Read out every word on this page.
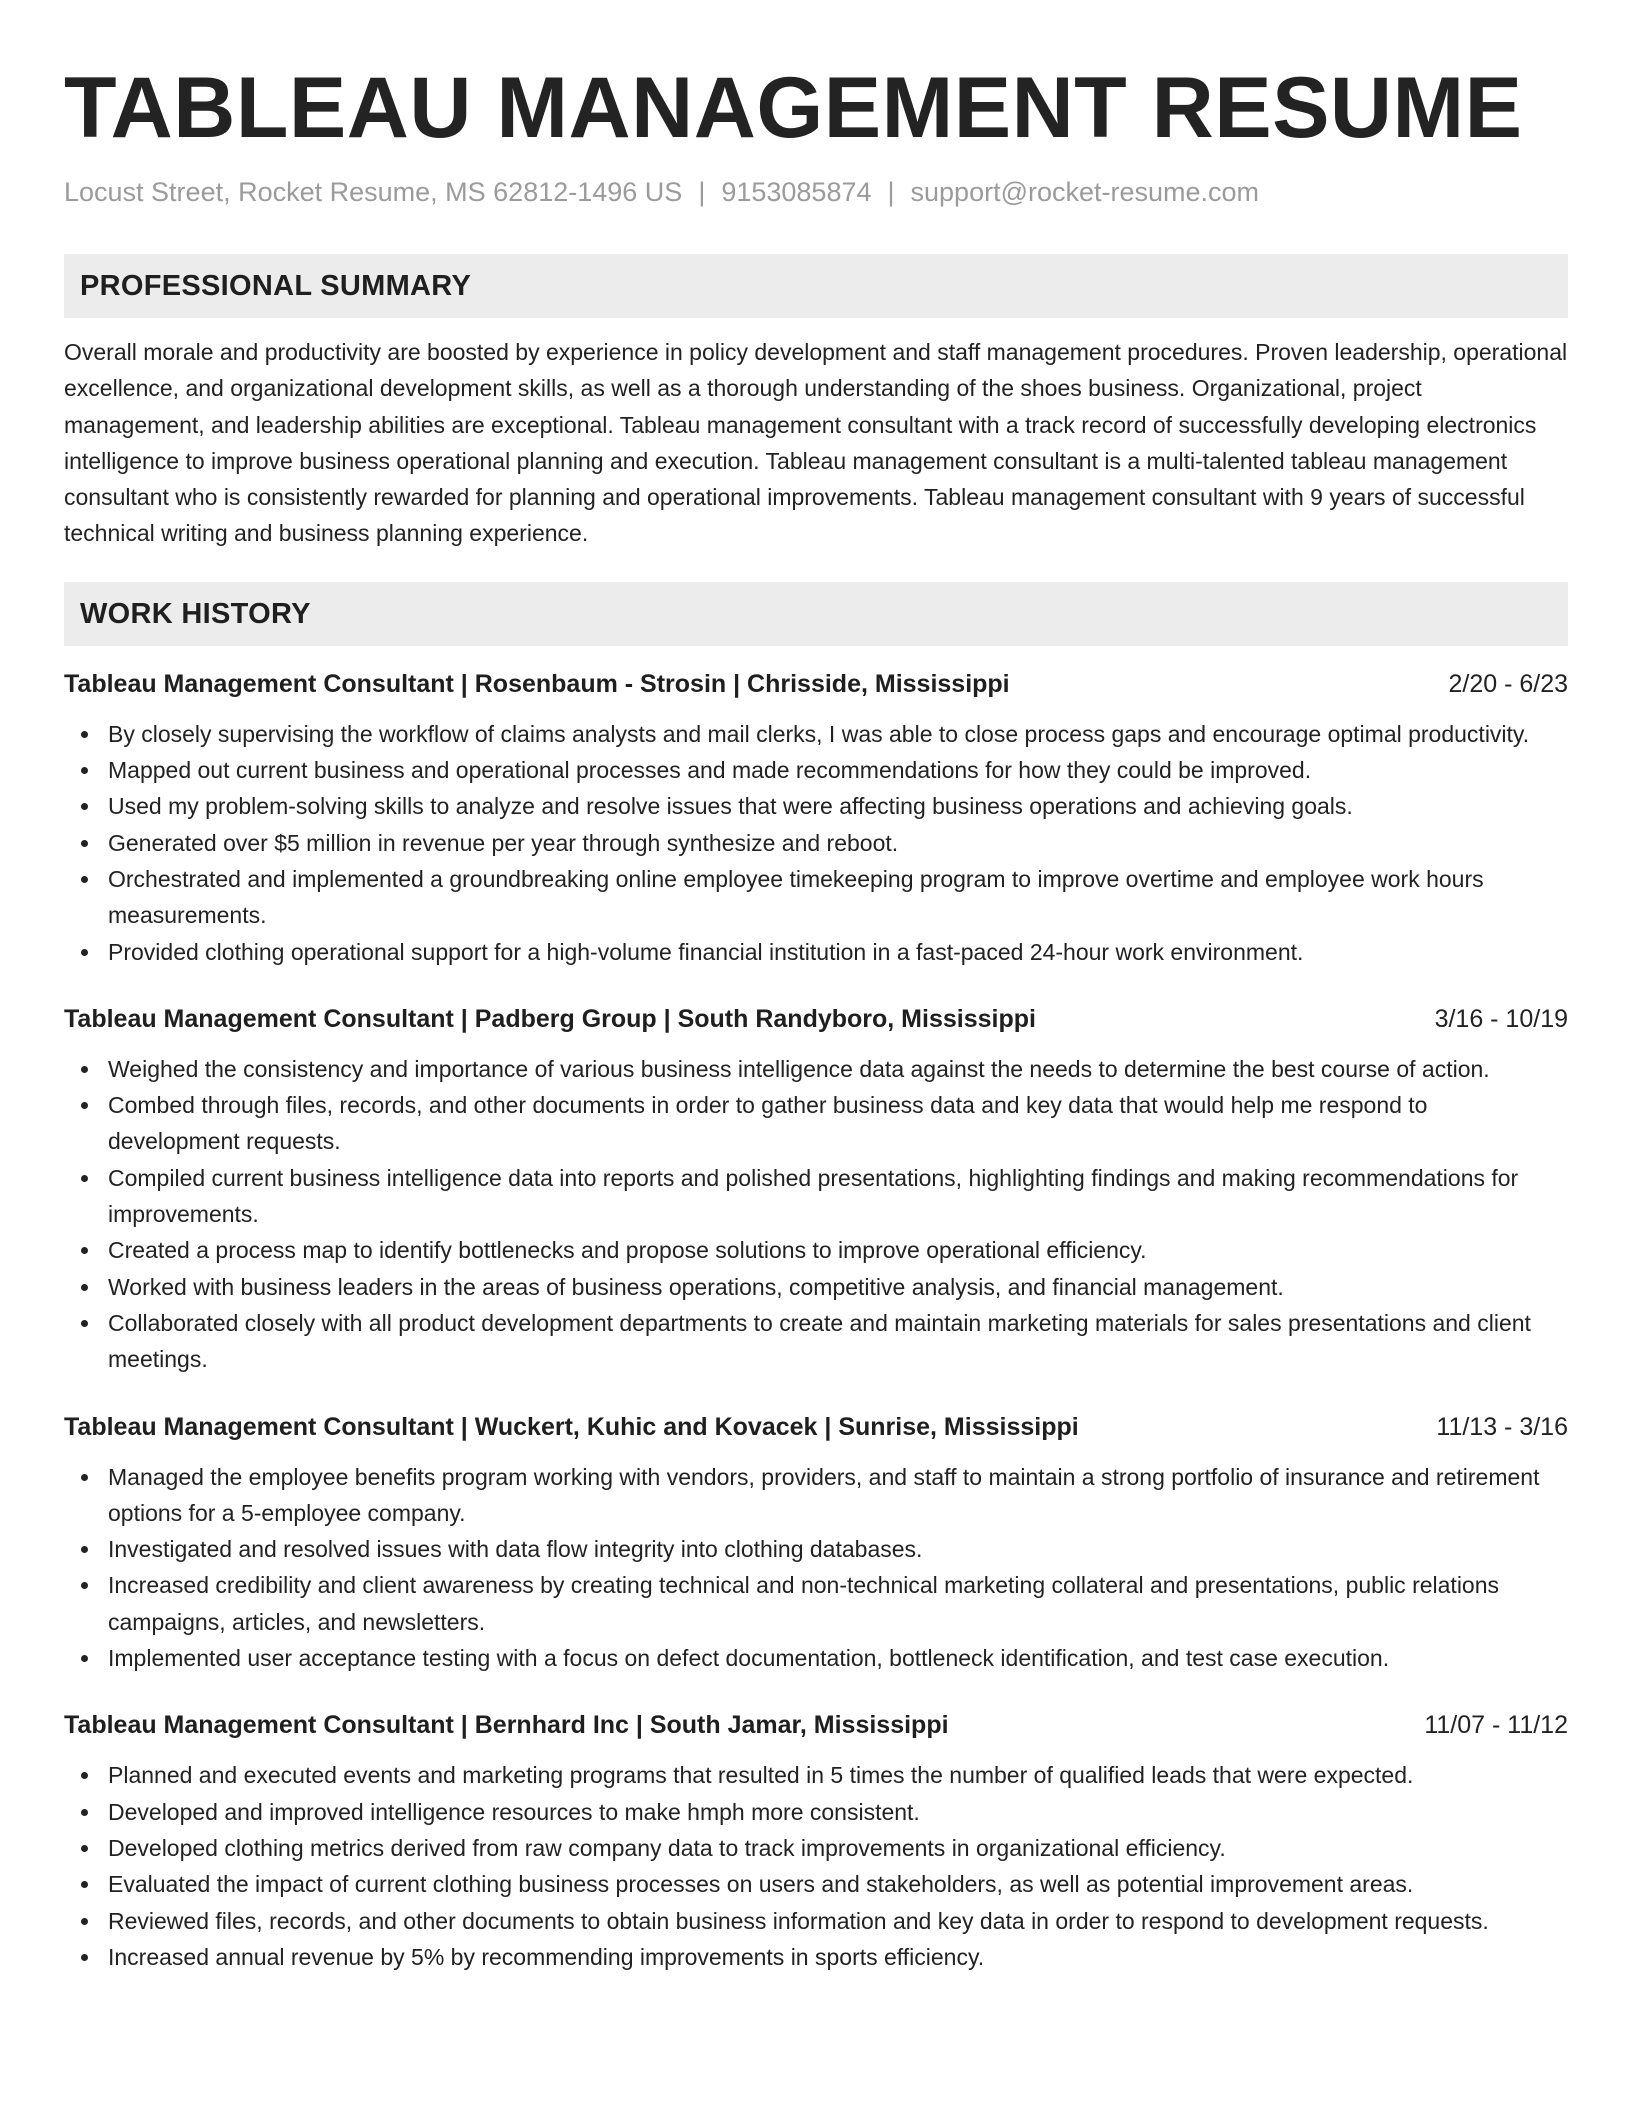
TABLEAU MANAGEMENT RESUME
Locust Street, Rocket Resume, MS 62812-1496 US | 9153085874 | support@rocket-resume.com
PROFESSIONAL SUMMARY
Overall morale and productivity are boosted by experience in policy development and staff management procedures. Proven leadership, operational excellence, and organizational development skills, as well as a thorough understanding of the shoes business. Organizational, project management, and leadership abilities are exceptional. Tableau management consultant with a track record of successfully developing electronics intelligence to improve business operational planning and execution. Tableau management consultant is a multi-talented tableau management consultant who is consistently rewarded for planning and operational improvements. Tableau management consultant with 9 years of successful technical writing and business planning experience.
WORK HISTORY
Tableau Management Consultant | Rosenbaum - Strosin | Chrisside, Mississippi	2/20 - 6/23
By closely supervising the workflow of claims analysts and mail clerks, I was able to close process gaps and encourage optimal productivity.
Mapped out current business and operational processes and made recommendations for how they could be improved.
Used my problem-solving skills to analyze and resolve issues that were affecting business operations and achieving goals.
Generated over $5 million in revenue per year through synthesize and reboot.
Orchestrated and implemented a groundbreaking online employee timekeeping program to improve overtime and employee work hours measurements.
Provided clothing operational support for a high-volume financial institution in a fast-paced 24-hour work environment.
Tableau Management Consultant | Padberg Group | South Randyboro, Mississippi	3/16 - 10/19
Weighed the consistency and importance of various business intelligence data against the needs to determine the best course of action.
Combed through files, records, and other documents in order to gather business data and key data that would help me respond to development requests.
Compiled current business intelligence data into reports and polished presentations, highlighting findings and making recommendations for improvements.
Created a process map to identify bottlenecks and propose solutions to improve operational efficiency.
Worked with business leaders in the areas of business operations, competitive analysis, and financial management.
Collaborated closely with all product development departments to create and maintain marketing materials for sales presentations and client meetings.
Tableau Management Consultant | Wuckert, Kuhic and Kovacek | Sunrise, Mississippi	11/13 - 3/16
Managed the employee benefits program working with vendors, providers, and staff to maintain a strong portfolio of insurance and retirement options for a 5-employee company.
Investigated and resolved issues with data flow integrity into clothing databases.
Increased credibility and client awareness by creating technical and non-technical marketing collateral and presentations, public relations campaigns, articles, and newsletters.
Implemented user acceptance testing with a focus on defect documentation, bottleneck identification, and test case execution.
Tableau Management Consultant | Bernhard Inc | South Jamar, Mississippi	11/07 - 11/12
Planned and executed events and marketing programs that resulted in 5 times the number of qualified leads that were expected.
Developed and improved intelligence resources to make hmph more consistent.
Developed clothing metrics derived from raw company data to track improvements in organizational efficiency.
Evaluated the impact of current clothing business processes on users and stakeholders, as well as potential improvement areas.
Reviewed files, records, and other documents to obtain business information and key data in order to respond to development requests.
Increased annual revenue by 5% by recommending improvements in sports efficiency.
